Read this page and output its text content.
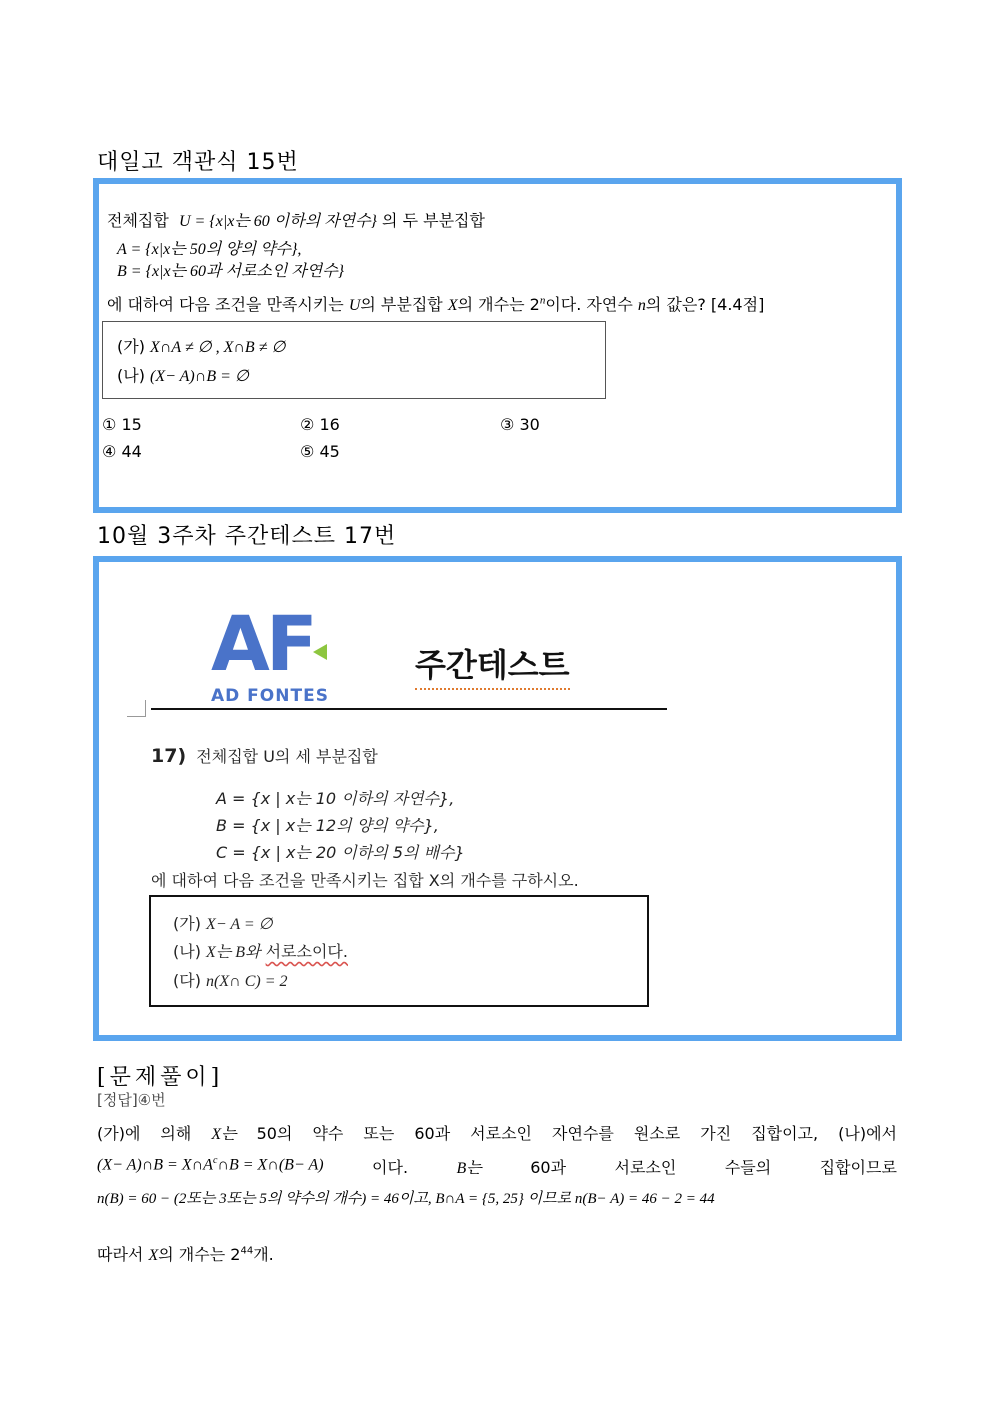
대일고 객관식 15번
전체집합 U = {x|x는 60 이하의 자연수} 의 두 부분집합
A = {x|x는 50의 양의 약수},
B = {x|x는 60과 서로소인 자연수}
에 대하여 다음 조건을 만족시키는 U의 부분집합 X의 개수는 2$^n$이다. 자연수 n의 값은? [4.4점]
(가) X∩A ≠ ∅ , X∩B ≠ ∅
(나) (X− A)∩B = ∅
① 15	② 16	③ 30
④ 44	⑤ 45
10월 3주차 주간테스트 17번
AF
AD FONTES
주간테스트
17) 전체집합 U의 세 부분집합
A = {x | x는 10 이하의 자연수},
B = {x | x는 12의 양의 약수},
C = {x | x는 20 이하의 5의 배수}
에 대하여 다음 조건을 만족시키는 집합 X의 개수를 구하시오.
(가) X− A = ∅
(나) X는 B와 서로소이다.
(다) n(X∩ C) = 2
[문제풀이]
[정답]④번
(가)에 의해 X는 50의 약수 또는 60과 서로소인 자연수를 원소로 가진 집합이고, (나)에서
(X− A)∩B = $X\cap A^c\cap B$ = X∩(B− A)	이다.	B는	60과	서로소인	수들의	집합이므로
n(B) = 60 − (2또는 3또는 5의 약수의 개수) = 46이고, B∩A = {5, 25} 이므로 n(B− A) = 46 − 2 = 44
따라서 X의 개수는 $2^{44}$개.
